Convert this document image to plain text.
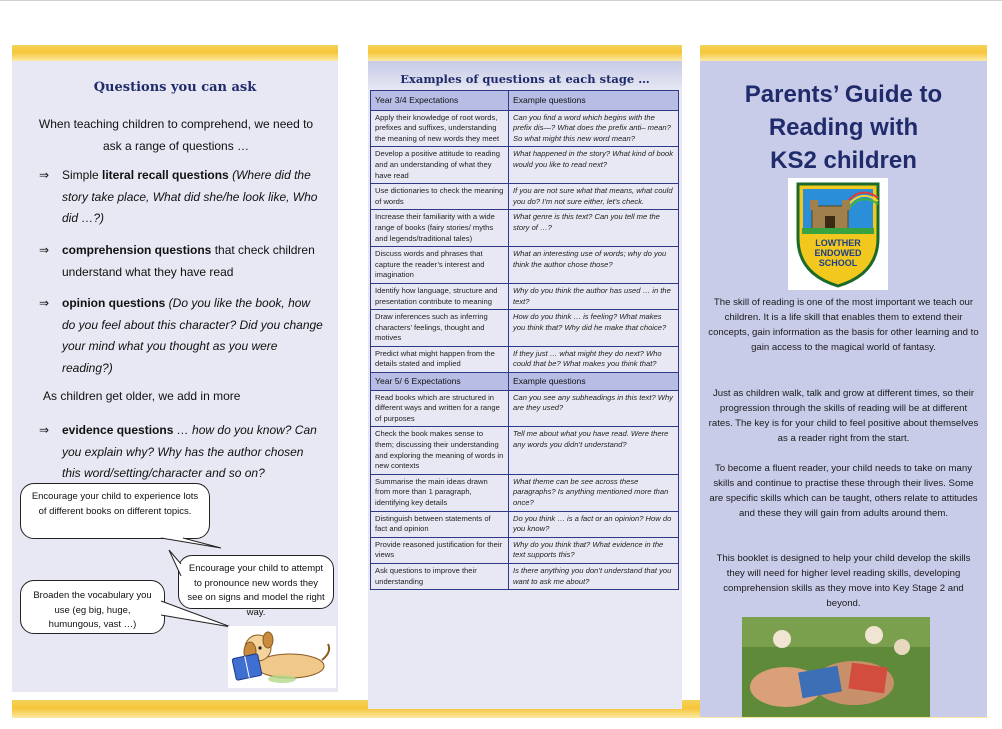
Questions you can ask
When teaching children to comprehend, we need to ask a range of questions …
⇒	Simple literal recall questions (Where did the story take place, What did she/he look like, Who did …?)
⇒	comprehension questions that check children understand what they have read
⇒	opinion questions (Do you like the book, how do you feel about this character? Did you change your mind what you thought as you were reading?)
As children get older, we add in more
⇒	evidence questions … how do you know? Can you explain why? Why has the author chosen this word/setting/character and so on?
Encourage your child to experience lots of different books on different topics.
Encourage your child to attempt to pronounce new words they see on signs and model the right way.
Broaden the vocabulary you use (eg big, huge, humungous, vast …)
Examples of questions at each stage …
Year 3/4 Expectations	Example questions
Apply their knowledge of root words, prefixes and suffixes, understanding the meaning of new words they meet	Can you find a word which begins with the prefix dis—? What does the prefix anti– mean? So what might this new word mean?
Develop a positive attitude to reading and an understanding of what they have read	What happened in the story? What kind of book would you like to read next?
Use dictionaries to check the meaning of words	If you are not sure what that means, what could you do? I’m not sure either, let’s check.
Increase their familiarity with a wide range of books (fairy stories/ myths and legends/traditional tales)	What genre is this text? Can you tell me the story of …?
Discuss words and phrases that capture the reader’s interest and imagination	What an interesting use of words; why do you think the author chose those?
Identify how language, structure and presentation contribute to meaning	Why do you think the author has used … in the text?
Draw inferences such as inferring characters’ feelings, thought and motives	How do you think … is feeling? What makes you think that? Why did he make that choice?
Predict what might happen from the details stated and implied	If they just … what might they do next? Who could that be? What makes you think that?
Year 5/ 6 Expectations	Example questions
Read books which are structured in different ways and written for a range of purposes	Can you see any subheadings in this text? Why are they used?
Check the book makes sense to them; discussing their understanding and exploring the meaning of words in new contexts	Tell me about what you have read. Were there any words you didn’t understand?
Summarise the main ideas drawn from more than 1 paragraph, identifying key details	What theme can be see across these paragraphs? Is anything mentioned more than once?
Distinguish between statements of fact and opinion	Do you think … is a fact or an opinion? How do you know?
Provide reasoned justification for their views	Why do you think that? What evidence in the text supports this?
Ask questions to improve their understanding	Is there anything you don’t understand that you want to ask me about?
Parents’ Guide to
Reading with
KS2 children
LOWTHER
ENDOWED
SCHOOL
The skill of reading is one of the most important we teach our children. It is a life skill that enables them to extend their concepts, gain information as the basis for other learning and to gain access to the magical world of fantasy.
Just as children walk, talk and grow at different times, so their progression through the skills of reading will be at different rates. The key is for your child to feel positive about themselves as a reader right from the start.
To become a fluent reader, your child needs to take on many skills and continue to practise these through their lives. Some are specific skills which can be taught, others relate to attitudes and these they will gain from adults around them.
This booklet is designed to help your child develop the skills they will need for higher level reading skills, developing comprehension skills as they move into Key Stage 2 and beyond.
